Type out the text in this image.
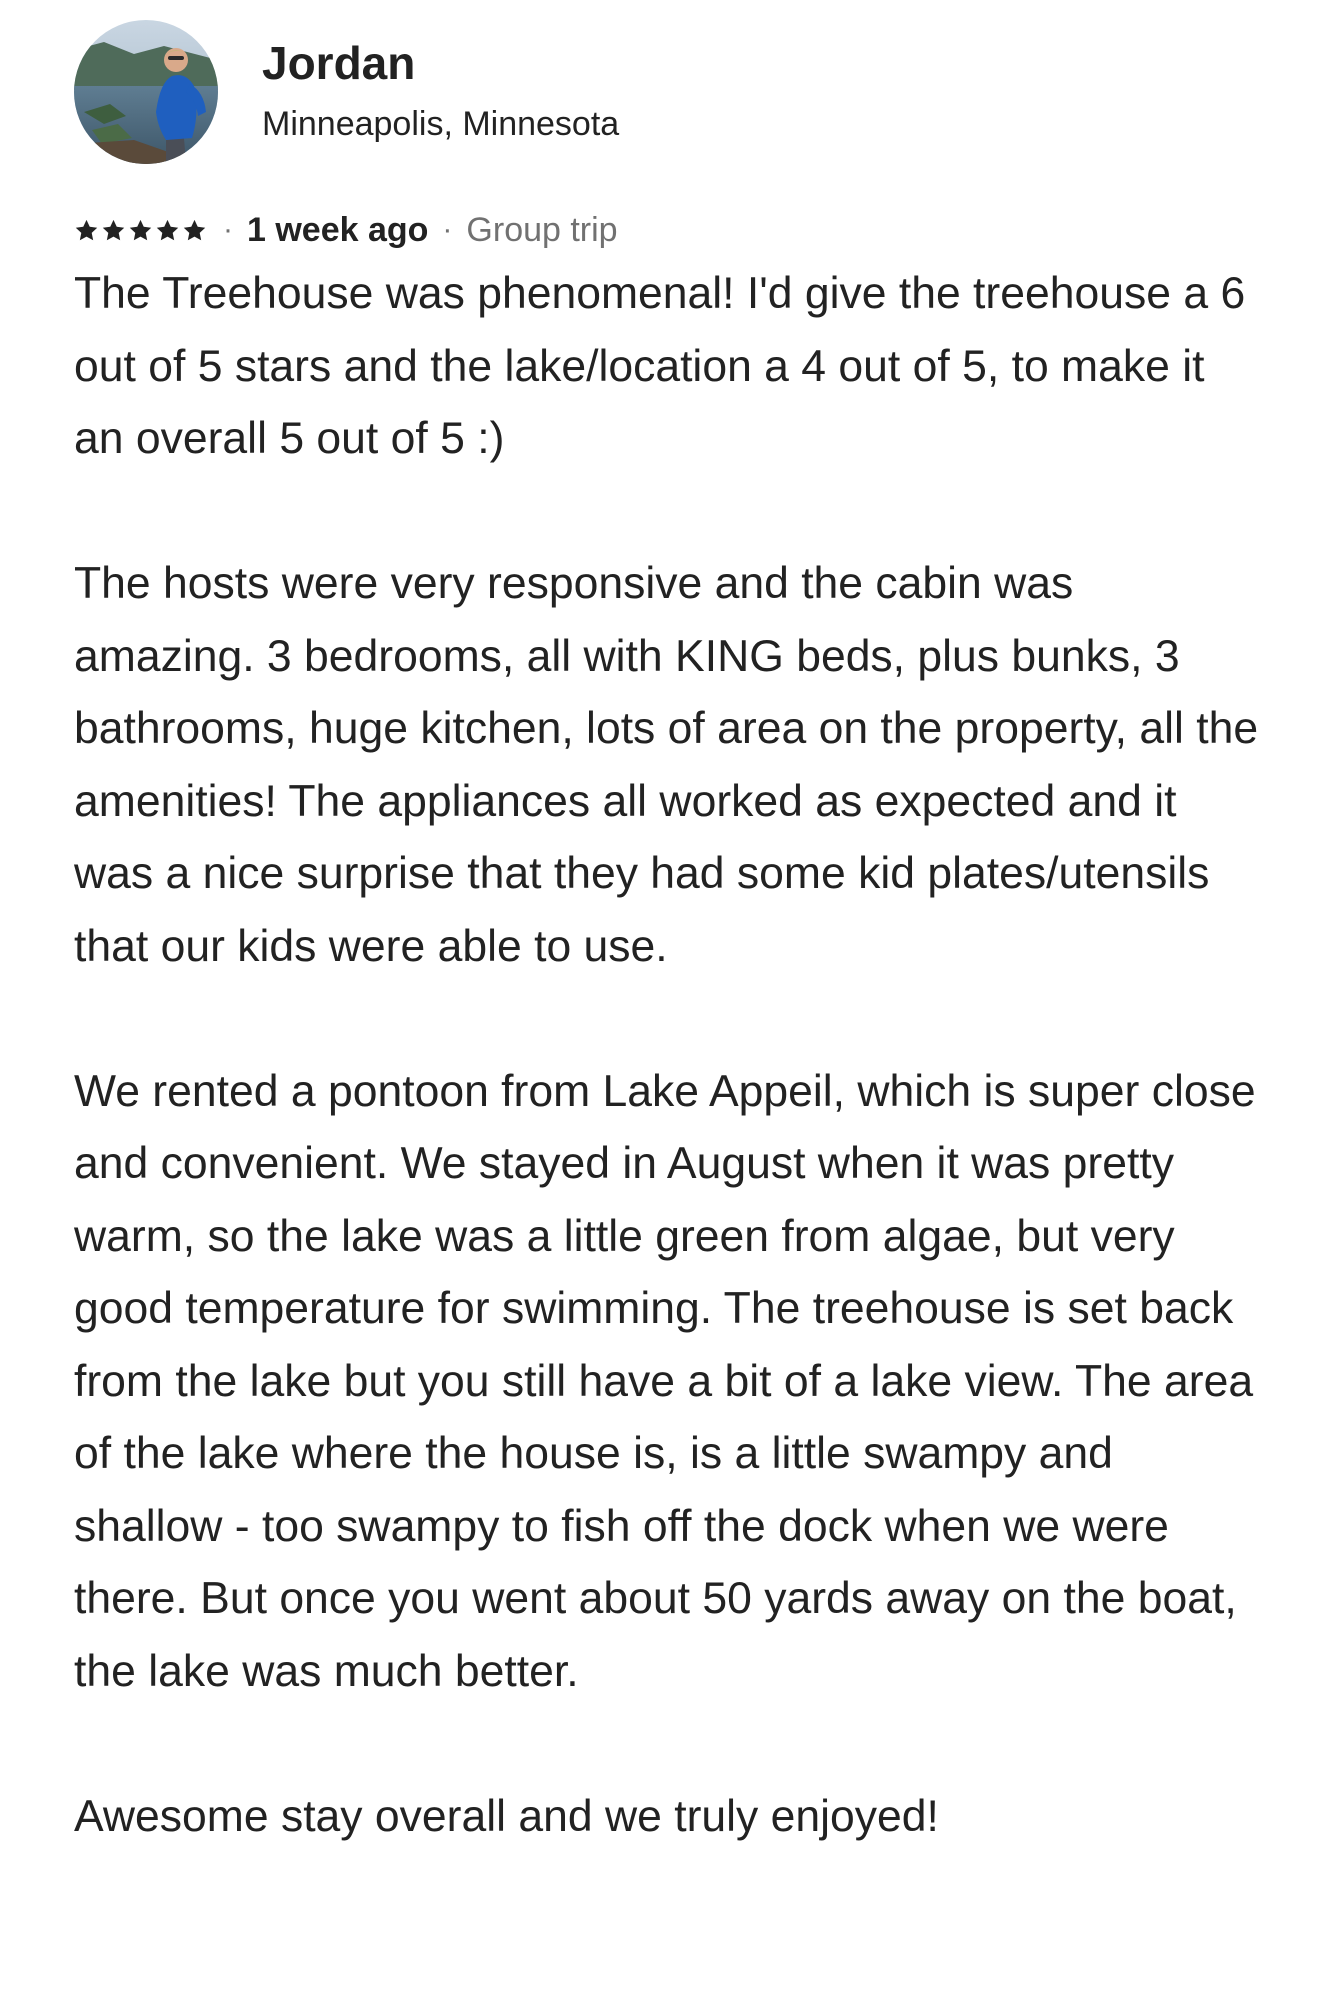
Jordan
Minneapolis, Minnesota
· 1 week ago · Group trip

The Treehouse was phenomenal! I'd give the treehouse a 6 out of 5 stars and the lake/location a 4 out of 5, to make it an overall 5 out of 5 :)

The hosts were very responsive and the cabin was amazing. 3 bedrooms, all with KING beds, plus bunks, 3 bathrooms, huge kitchen, lots of area on the property, all the amenities! The appliances all worked as expected and it was a nice surprise that they had some kid plates/utensils that our kids were able to use.

We rented a pontoon from Lake Appeil, which is super close and convenient. We stayed in August when it was pretty warm, so the lake was a little green from algae, but very good temperature for swimming. The treehouse is set back from the lake but you still have a bit of a lake view. The area of the lake where the house is, is a little swampy and shallow - too swampy to fish off the dock when we were there. But once you went about 50 yards away on the boat, the lake was much better.

Awesome stay overall and we truly enjoyed!
